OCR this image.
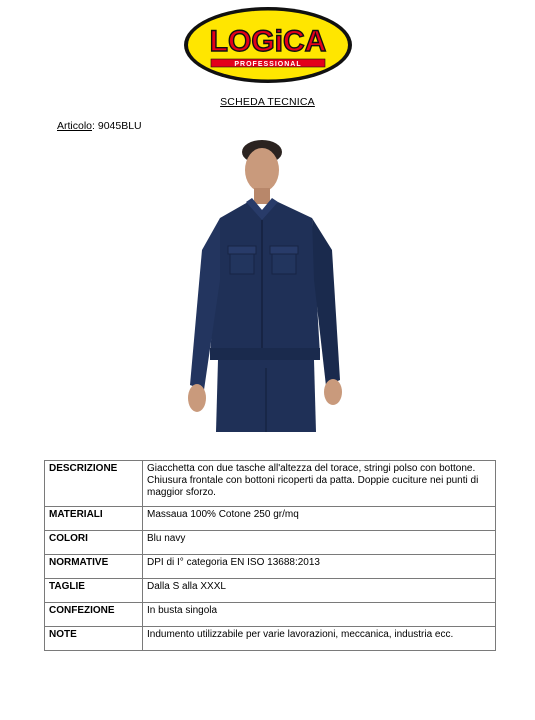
LOGiCA
PROFESSIONAL
SCHEDA TECNICA
Articolo: 9045BLU
DESCRIZIONE	Giacchetta con due tasche all'altezza del torace, stringi polso con bottone. Chiusura frontale con bottoni ricoperti da patta. Doppie cuciture nei punti di maggior sforzo.
MATERIALI	Massaua 100% Cotone 250 gr/mq
COLORI	Blu navy
NORMATIVE	DPI di I° categoria EN ISO 13688:2013
TAGLIE	Dalla S alla XXXL
CONFEZIONE	In busta singola
NOTE	Indumento utilizzabile per varie lavorazioni, meccanica, industria ecc.
